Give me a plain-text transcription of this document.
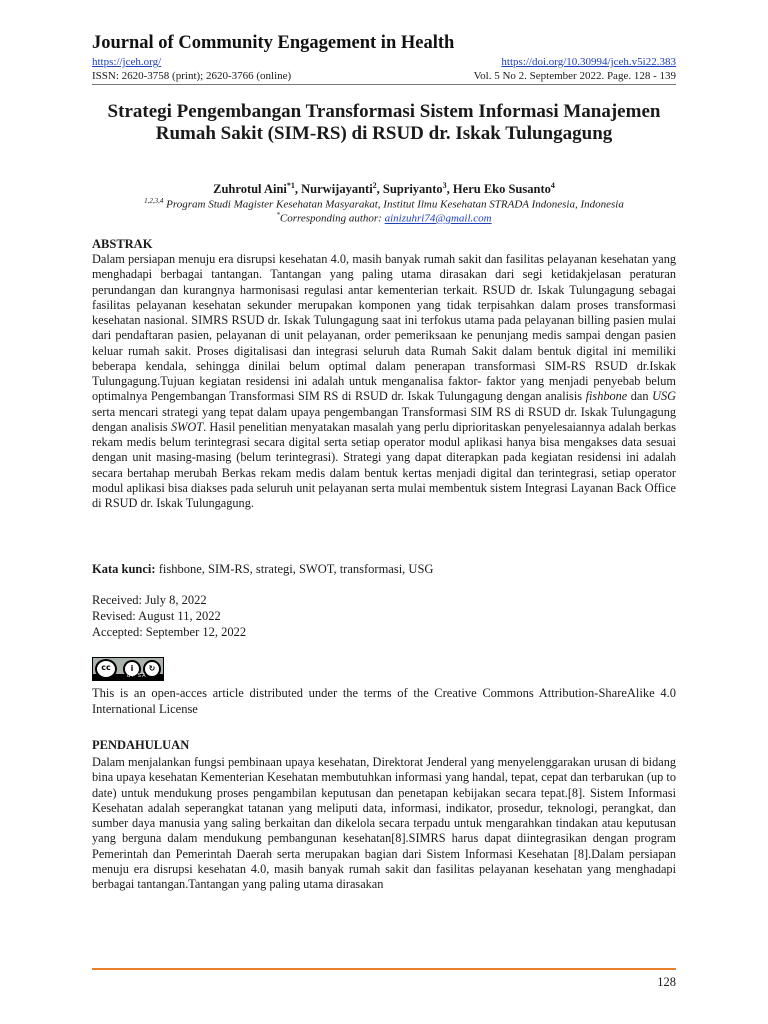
Journal of Community Engagement in Health
https://jceh.org/	https://doi.org/10.30994/jceh.v5i22.383
ISSN: 2620-3758 (print); 2620-3766 (online)	Vol. 5 No 2. September 2022. Page. 128 - 139
Strategi Pengembangan Transformasi Sistem Informasi Manajemen Rumah Sakit (SIM-RS) di RSUD dr. Iskak Tulungagung
Zuhrotul Aini$^{*1}$, Nurwijayanti$^2$, Supriyanto$^3$, Heru Eko Susanto$^4$
$^{1,2,3,4}$ Program Studi Magister Kesehatan Masyarakat, Institut Ilmu Kesehatan STRADA Indonesia, Indonesia
*Corresponding author: ainizuhri74@gmail.com
ABSTRAK
Dalam persiapan menuju era disrupsi kesehatan 4.0, masih banyak rumah sakit dan fasilitas pelayanan kesehatan yang menghadapi berbagai tantangan. Tantangan yang paling utama dirasakan dari segi ketidakjelasan peraturan perundangan dan kurangnya harmonisasi regulasi antar kementerian terkait. RSUD dr. Iskak Tulungagung sebagai fasilitas pelayanan kesehatan sekunder merupakan komponen yang tidak terpisahkan dalam proses transformasi kesehatan nasional. SIMRS RSUD dr. Iskak Tulungagung saat ini terfokus utama pada pelayanan billing pasien mulai dari pendaftaran pasien, pelayanan di unit pelayanan, order pemeriksaan ke penunjang medis sampai dengan pasien keluar rumah sakit. Proses digitalisasi dan integrasi seluruh data Rumah Sakit dalam bentuk digital ini memiliki beberapa kendala, sehingga dinilai belum optimal dalam penerapan transformasi SIM-RS RSUD dr.Iskak Tulungagung.Tujuan kegiatan residensi ini adalah untuk menganalisa faktor- faktor yang menjadi penyebab belum optimalnya Pengembangan Transformasi SIM RS di RSUD dr. Iskak Tulungagung dengan analisis fishbone dan USG serta mencari strategi yang tepat dalam upaya pengembangan Transformasi SIM RS di RSUD dr. Iskak Tulungagung dengan analisis SWOT. Hasil penelitian menyatakan masalah yang perlu diprioritaskan penyelesaiannya adalah berkas rekam medis belum terintegrasi secara digital serta setiap operator modul aplikasi hanya bisa mengakses data sesuai dengan unit masing-masing (belum terintegrasi). Strategi yang dapat diterapkan pada kegiatan residensi ini adalah secara bertahap merubah Berkas rekam medis dalam bentuk kertas menjadi digital dan terintegrasi, setiap operator modul aplikasi bisa diakses pada seluruh unit pelayanan serta mulai membentuk sistem Integrasi Layanan Back Office di RSUD dr. Iskak Tulungagung.
Kata kunci: fishbone, SIM-RS, strategi, SWOT, transformasi, USG
Received: July 8, 2022
Revised: August 11, 2022
Accepted: September 12, 2022
cc	i	↻
BY SA
This is an open-acces article distributed under the terms of the Creative Commons Attribution-ShareAlike 4.0 International License
PENDAHULUAN
Dalam menjalankan fungsi pembinaan upaya kesehatan, Direktorat Jenderal yang menyelenggarakan urusan di bidang bina upaya kesehatan Kementerian Kesehatan membutuhkan informasi yang handal, tepat, cepat dan terbarukan (up to date) untuk mendukung proses pengambilan keputusan dan penetapan kebijakan secara tepat.[8]. Sistem Informasi Kesehatan adalah seperangkat tatanan yang meliputi data, informasi, indikator, prosedur, teknologi, perangkat, dan sumber daya manusia yang saling berkaitan dan dikelola secara terpadu untuk mengarahkan tindakan atau keputusan yang berguna dalam mendukung pembangunan kesehatan[8].SIMRS harus dapat diintegrasikan dengan program Pemerintah dan Pemerintah Daerah serta merupakan bagian dari Sistem Informasi Kesehatan [8].Dalam persiapan menuju era disrupsi kesehatan 4.0, masih banyak rumah sakit dan fasilitas pelayanan kesehatan yang menghadapi berbagai tantangan.Tantangan yang paling utama dirasakan
128
